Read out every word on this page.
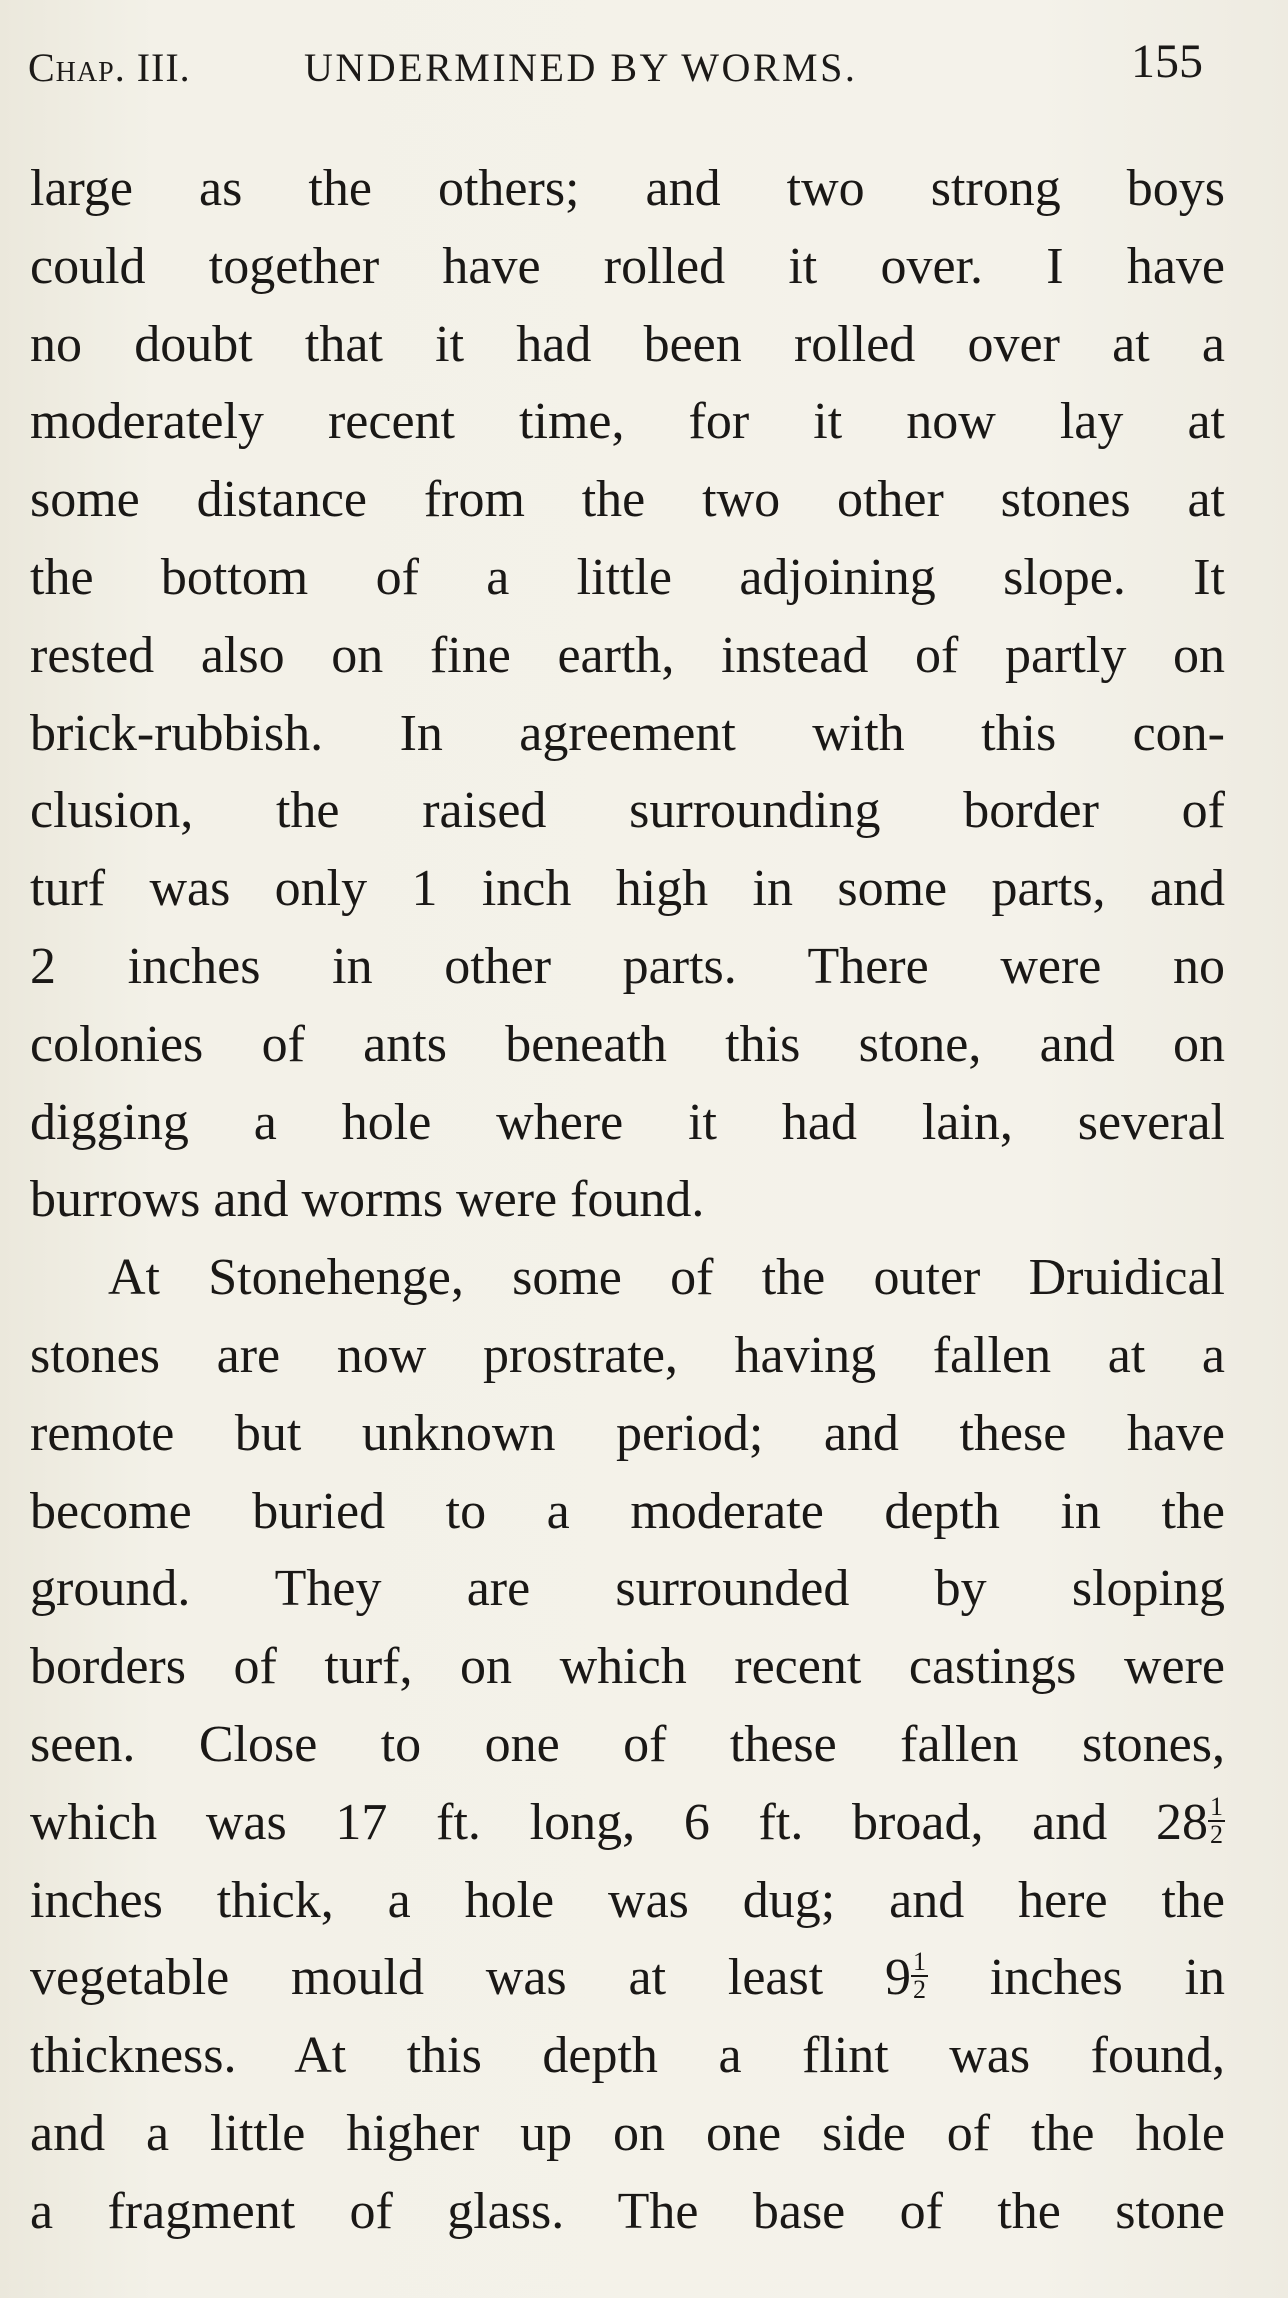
Chap. III.	UNDERMINED BY WORMS.	155

large as the others; and two strong boys
could together have rolled it over. I have
no doubt that it had been rolled over at a
moderately recent time, for it now lay at
some distance from the two other stones at
the bottom of a little adjoining slope. It
rested also on fine earth, instead of partly on
brick-rubbish. In agreement with this con-
clusion, the raised surrounding border of
turf was only 1 inch high in some parts, and
2 inches in other parts. There were no
colonies of ants beneath this stone, and on
digging a hole where it had lain, several
burrows and worms were found.

At Stonehenge, some of the outer Druidical
stones are now prostrate, having fallen at a
remote but unknown period; and these have
become buried to a moderate depth in the
ground. They are surrounded by sloping
borders of turf, on which recent castings were
seen. Close to one of these fallen stones,
which was 17 ft. long, 6 ft. broad, and $28 \frac{1}{2}$
inches thick, a hole was dug; and here the
vegetable mould was at least $9 \frac{1}{2}$ inches in
thickness. At this depth a flint was found,
and a little higher up on one side of the hole
a fragment of glass. The base of the stone
